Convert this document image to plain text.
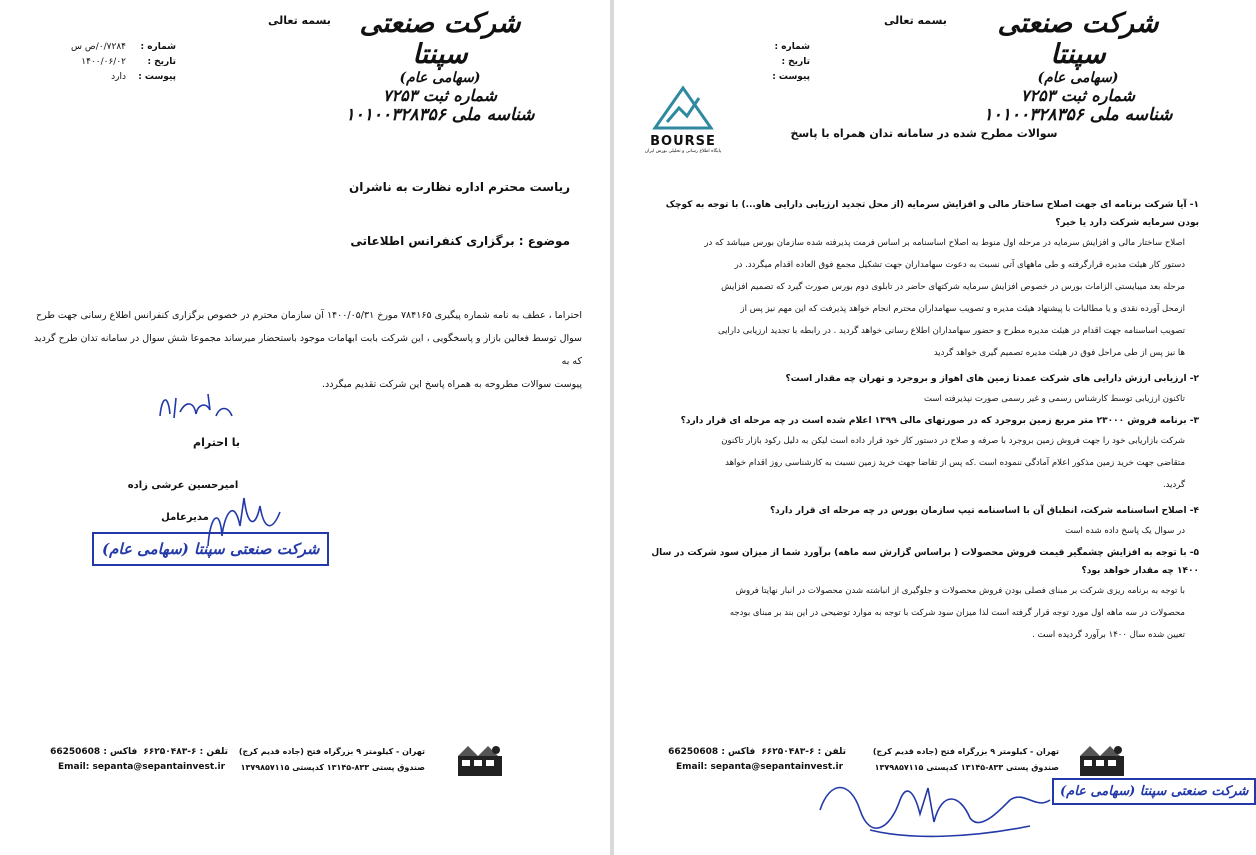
شرکت صنعتی سپنتا
(سهامی عام)
شماره ثبت ۷۲۵۳
شناسه ملی ۱۰۱۰۰۳۲۸۳۵۶
بسمه تعالی
شماره :
۰/۷۲۸۴/ص س
تاریخ :
۱۴۰۰/۰۶/۰۲
پیوست :
دارد
ریاست محترم اداره نظارت به ناشران
موضوع : برگزاری کنفرانس اطلاعاتی
احتراما ، عطف به نامه شماره پیگیری ۷۸۴۱۶۵ مورخ ۱۴۰۰/۰۵/۳۱ آن سازمان محترم در خصوص برگزاری کنفرانس اطلاع رسانی جهت طرح
سوال توسط فعالین بازار و پاسخگویی ، این شرکت بابت ابهامات موجود باستحضار میرساند مجموعا شش سوال در سامانه تدان طرح گردید که به
پیوست سوالات مطروحه به همراه پاسخ این شرکت تقدیم میگردد.
با احترام
امیرحسین عرشی زاده
مدیرعامل
شرکت صنعتی سپنتا (سهامی عام)
تهران - کیلومتر ۹ بزرگراه فتح (جاده قدیم کرج)
صندوق پستی ۸۳۳-۱۳۱۴۵ کدپستی ۱۳۷۹۸۵۷۱۱۵
تلفن : ۶-۶۶۲۵۰۴۸۳
فاکس : 66250608
Email: sepanta@sepantainvest.ir
شرکت صنعتی سپنتا
(سهامی عام)
شماره ثبت ۷۲۵۳
شناسه ملی ۱۰۱۰۰۳۲۸۳۵۶
بسمه تعالی
شماره :
تاریخ :
پیوست :
BOURSE
پایگاه اطلاع رسانی و تحلیلی بورس ایران
سوالات مطرح شده در سامانه تدان همراه با پاسخ
۱- آیا شرکت برنامه ای جهت اصلاح ساختار مالی و افزایش سرمایه (از محل تجدید ارزیابی دارایی هاو...) با توجه به کوچک بودن سرمایه شرکت دارد یا خیر؟
اصلاح ساختار مالی و افزایش سرمایه در مرحله اول منوط به اصلاح اساسنامه بر اساس فرمت پذیرفته شده سازمان بورس میباشد که در
دستور کار هیئت مدیره قرارگرفته و طی ماههای آتی نسبت به دعوت سهامداران جهت تشکیل مجمع فوق العاده اقدام میگردد. در
مرحله بعد میبایستی الزامات بورس در خصوص افزایش سرمایه شرکتهای حاضر در تابلوی دوم بورس صورت گیرد که تصمیم افزایش
ازمحل آورده نقدی و یا مطالبات با پیشنهاد هیئت مدیره و تصویب سهامداران محترم انجام خواهد پذیرفت که این مهم نیز پس از
تصویب اساسنامه جهت اقدام در هیئت مدیره مطرح و حضور سهامداران اطلاع رسانی خواهد گردید . در رابطه با تجدید ارزیابی دارایی
ها نیز پس از طی مراحل فوق در هیئت مدیره تصمیم گیری خواهد گردید
۲- ارزیابی ارزش دارایی های شرکت عمدتا زمین های اهواز و بروجرد و تهران چه مقدار است؟
تاکنون ارزیابی توسط کارشناس رسمی و غیر رسمی صورت نپذیرفته است
۳- برنامه فروش ۲۳۰۰۰ متر مربع زمین بروجرد که در صورتهای مالی ۱۳۹۹ اعلام شده است در چه مرحله ای قرار دارد؟
شرکت بازاریابی خود را جهت فروش زمین بروجرد با صرفه و صلاح در دستور کار خود قرار داده است لیکن به دلیل رکود بازار تاکنون
متقاضی جهت خرید زمین مذکور اعلام آمادگی ننموده است .که پس از تقاضا جهت خرید زمین نسبت به کارشناسی روز اقدام خواهد
گردید.
۴- اصلاح اساسنامه شرکت، انطباق آن با اساسنامه تیپ سازمان بورس در چه مرحله ای قرار دارد؟
در سوال یک پاسخ داده شده است
۵- با توجه به افزایش چشمگیر قیمت فروش محصولات ( براساس گزارش سه ماهه) برآورد شما از میزان سود شرکت در سال ۱۴۰۰ چه مقدار خواهد بود؟
با توجه به برنامه ریزی شرکت بر مبنای فصلی بودن فروش محصولات و جلوگیری از انباشته شدن محصولات در انبار نهایتا فروش
محصولات در سه ماهه اول مورد توجه قرار گرفته است لذا میزان سود شرکت با توجه به موارد توضیحی در این بند بر مبنای بودجه
تعیین شده سال ۱۴۰۰ برآورد گردیده است .
تهران - کیلومتر ۹ بزرگراه فتح (جاده قدیم کرج)
صندوق پستی ۸۳۳-۱۳۱۴۵ کدپستی ۱۳۷۹۸۵۷۱۱۵
تلفن : ۶-۶۶۲۵۰۴۸۳
فاکس : 66250608
Email: sepanta@sepantainvest.ir
شرکت صنعتی سپنتا (سهامی عام)
